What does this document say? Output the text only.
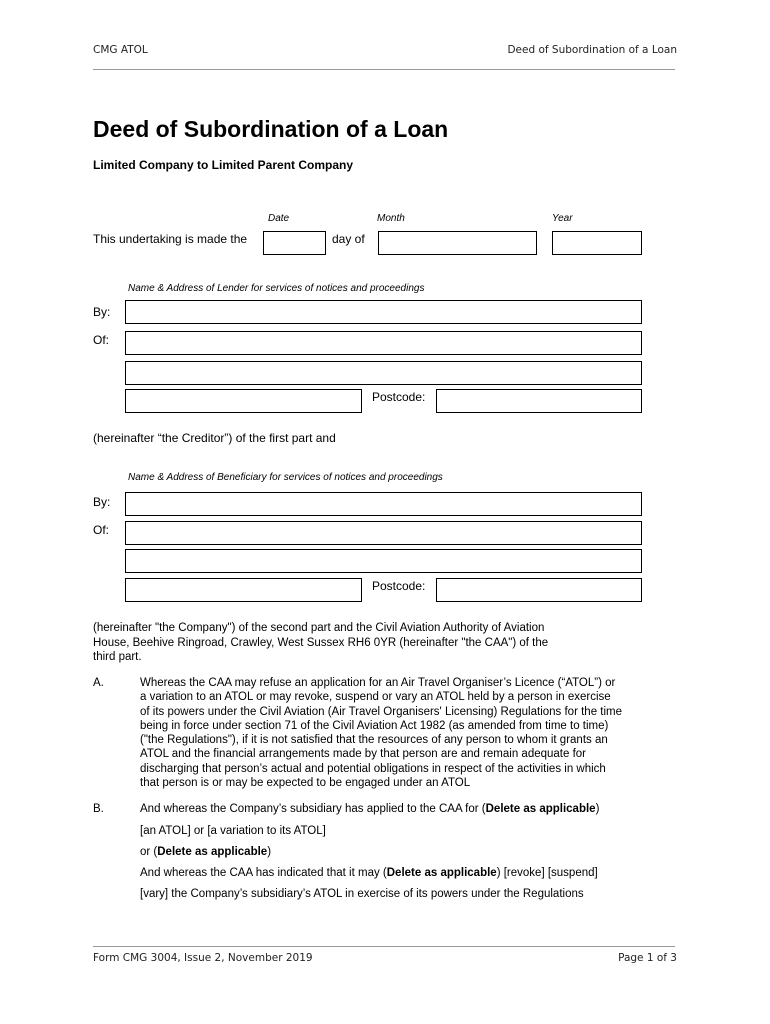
CMG ATOL	Deed of Subordination of a Loan
Deed of Subordination of a Loan
Limited Company to Limited Parent Company
Date	Month	Year
This undertaking is made the	day of
Name & Address of Lender for services of notices and proceedings
By:
Of:
Postcode:
(hereinafter “the Creditor”) of the first part and
Name & Address of Beneficiary for services of notices and proceedings
By:
Of:
Postcode:
(hereinafter "the Company") of the second part and the Civil Aviation Authority of Aviation
House, Beehive Ringroad, Crawley, West Sussex RH6 0YR (hereinafter "the CAA") of the
third part.
A.	Whereas the CAA may refuse an application for an Air Travel Organiser’s Licence (“ATOL”) or
a variation to an ATOL or may revoke, suspend or vary an ATOL held by a person in exercise
of its powers under the Civil Aviation (Air Travel Organisers' Licensing) Regulations for the time
being in force under section 71 of the Civil Aviation Act 1982 (as amended from time to time)
("the Regulations"), if it is not satisfied that the resources of any person to whom it grants an
ATOL and the financial arrangements made by that person are and remain adequate for
discharging that person’s actual and potential obligations in respect of the activities in which
that person is or may be expected to be engaged under an ATOL
B.	And whereas the Company’s subsidiary has applied to the CAA for (Delete as applicable)
[an ATOL] or [a variation to its ATOL]
or (Delete as applicable)
And whereas the CAA has indicated that it may (Delete as applicable) [revoke] [suspend]
[vary] the Company’s subsidiary’s ATOL in exercise of its powers under the Regulations
Form CMG 3004, Issue 2, November 2019	Page 1 of 3
